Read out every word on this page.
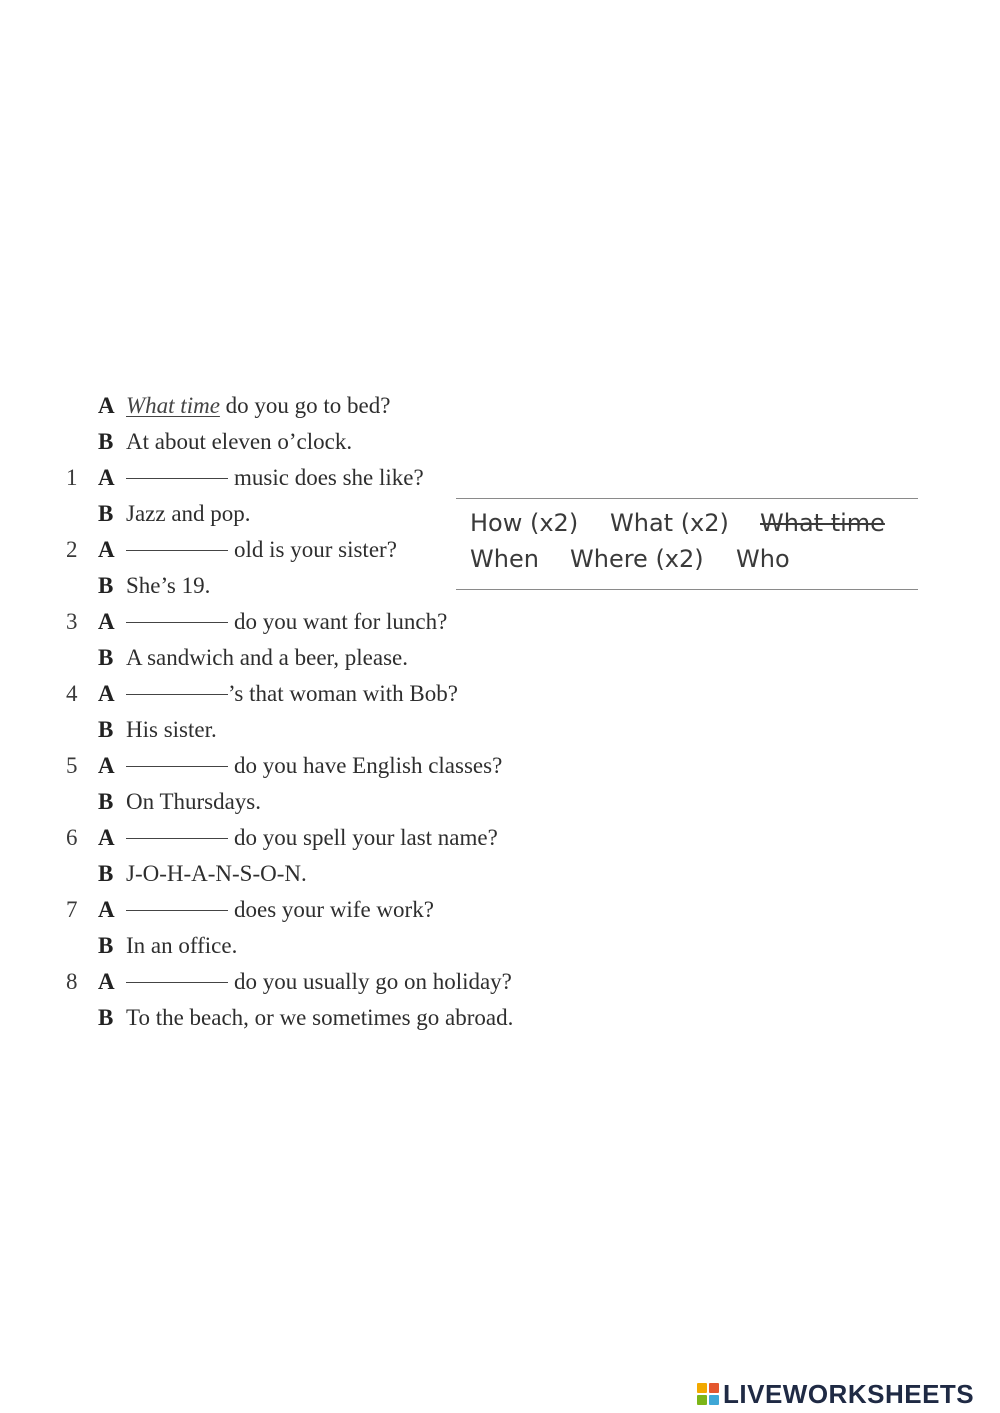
A What time do you go to bed?
B At about eleven o’clock.
1 A	music does she like?
B Jazz and pop.
2 A	old is your sister?
B She’s 19.
3 A	do you want for lunch?
B A sandwich and a beer, please.
4 A	’s that woman with Bob?
B His sister.
5 A	do you have English classes?
B On Thursdays.
6 A	do you spell your last name?
B J-O-H-A-N-S-O-N.
7 A	does your wife work?
B In an office.
8 A	do you usually go on holiday?
B To the beach, or we sometimes go abroad.
How (x2) What (x2) What time
When Where (x2) Who
LIVEWORKSHEETS
